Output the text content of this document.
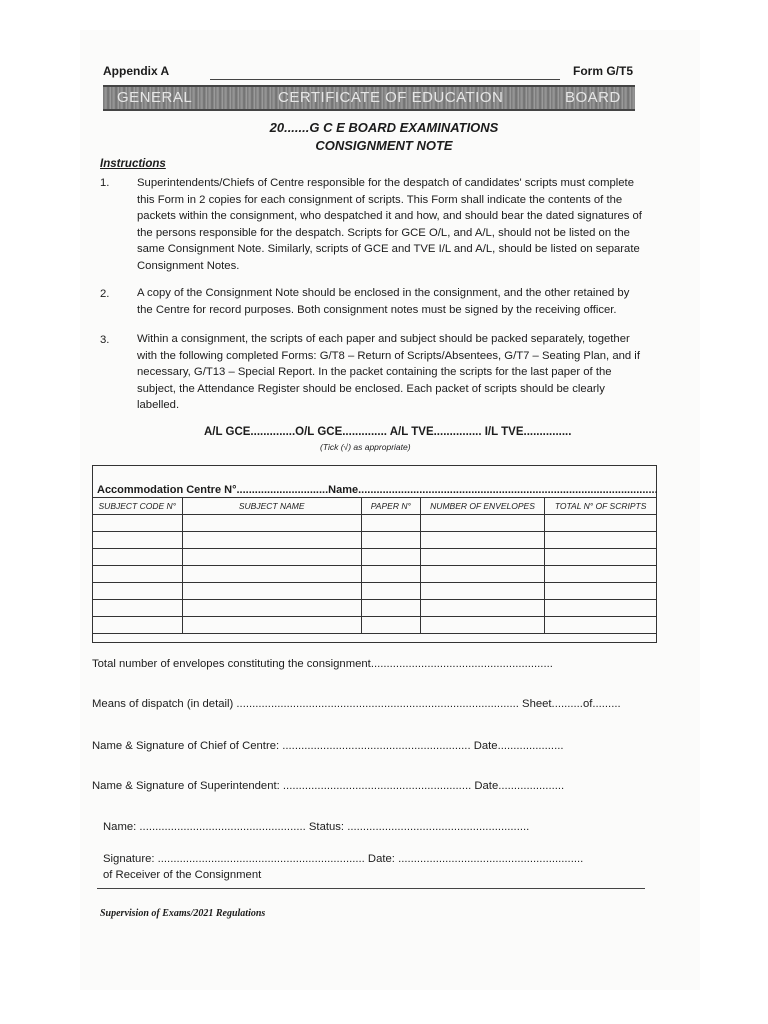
Appendix A	Form G/T5
GENERAL	CERTIFICATE OF EDUCATION	BOARD
20.......G C E BOARD EXAMINATIONS
CONSIGNMENT NOTE
Instructions
1. Superintendents/Chiefs of Centre responsible for the despatch of candidates' scripts must complete this Form in 2 copies for each consignment of scripts. This Form shall indicate the contents of the packets within the consignment, who despatched it and how, and should bear the dated signatures of the persons responsible for the despatch. Scripts for GCE O/L, and A/L, should not be listed on the same Consignment Note. Similarly, scripts of GCE and TVE I/L and A/L, should be listed on separate Consignment Notes.
2. A copy of the Consignment Note should be enclosed in the consignment, and the other retained by the Centre for record purposes. Both consignment notes must be signed by the receiving officer.
3. Within a consignment, the scripts of each paper and subject should be packed separately, together with the following completed Forms: G/T8 – Return of Scripts/Absentees, G/T7 – Seating Plan, and if necessary, G/T13 – Special Report. In the packet containing the scripts for the last paper of the subject, the Attendance Register should be enclosed. Each packet of scripts should be clearly labelled.
A/L GCE..............O/L GCE.............. A/L TVE............... I/L TVE...............
(Tick (√) as appropriate)
Accommodation Centre N°..............................Name..................................................................................................
SUBJECT CODE N°	SUBJECT NAME	PAPER N°	NUMBER OF ENVELOPES	TOTAL N° OF SCRIPTS

Total number of envelopes constituting the consignment..........................................................
Means of dispatch (in detail) .......................................................................................... Sheet..........of.........
Name & Signature of Chief of Centre: ............................................................ Date.....................
Name & Signature of Superintendent: ............................................................ Date.....................
Name: ..................................................... Status: ..........................................................
Signature: .................................................................. Date: ...........................................................
of Receiver of the Consignment
Supervision of Exams/2021 Regulations
